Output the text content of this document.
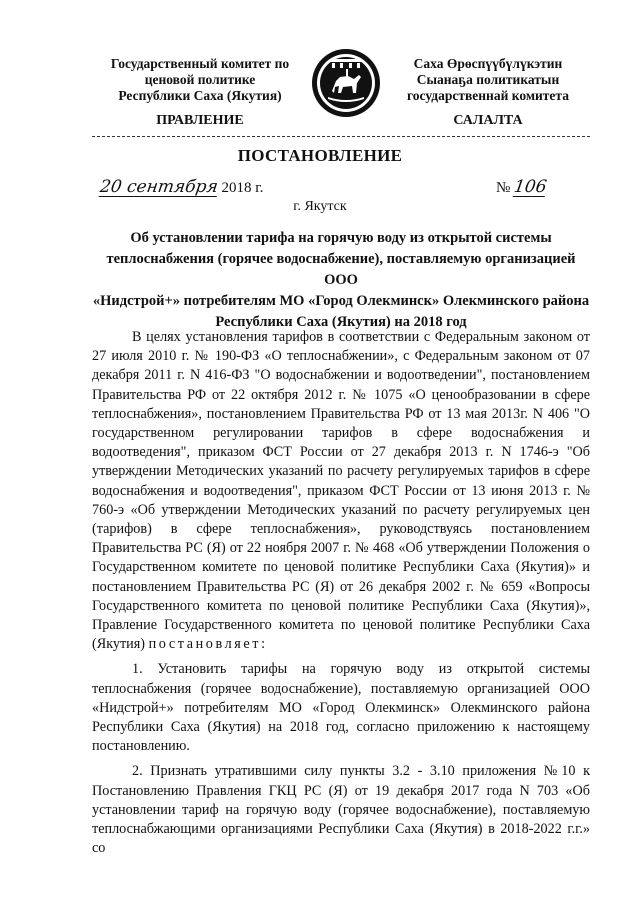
Государственный комитет по
ценовой политике
Республики Саха (Якутия)
Саха Өрөспүүбүлүкэтин
Сыанаҕа политикатын
государственнай комитета
ПРАВЛЕНИЕ	САЛАЛТА
ПОСТАНОВЛЕНИЕ
20 сентября 2018 г.	№ 106
г. Якутск
Об установлении тарифа на горячую воду из открытой системы
теплоснабжения (горячее водоснабжение), поставляемую организацией ООО
«Нидстрой+» потребителям МО «Город Олекминск» Олекминского района
Республики Саха (Якутия) на 2018 год

В целях установления тарифов в соответствии с Федеральным законом от 27 июля 2010 г. № 190-ФЗ «О теплоснабжении», с Федеральным законом от 07 декабря 2011 г. N 416-ФЗ "О водоснабжении и водоотведении", постановлением Правительства РФ от 22 октября 2012 г. № 1075 «О ценообразовании в сфере теплоснабжения», постановлением Правительства РФ от 13 мая 2013г. N 406 "О государственном регулировании тарифов в сфере водоснабжения и водоотведения", приказом ФСТ России от 27 декабря 2013 г. N 1746-э "Об утверждении Методических указаний по расчету регулируемых тарифов в сфере водоснабжения и водоотведения", приказом ФСТ России от 13 июня 2013 г. № 760-э «Об утверждении Методических указаний по расчету регулируемых цен (тарифов) в сфере теплоснабжения», руководствуясь постановлением Правительства РС (Я) от 22 ноября 2007 г. № 468 «Об утверждении Положения о Государственном комитете по ценовой политике Республики Саха (Якутия)» и постановлением Правительства РС (Я) от 26 декабря 2002 г. № 659 «Вопросы Государственного комитета по ценовой политике Республики Саха (Якутия)», Правление Государственного комитета по ценовой политике Республики Саха (Якутия) постановляет:

1. Установить тарифы на горячую воду из открытой системы теплоснабжения (горячее водоснабжение), поставляемую организацией ООО «Нидстрой+» потребителям МО «Город Олекминск» Олекминского района Республики Саха (Якутия) на 2018 год, согласно приложению к настоящему постановлению.

2. Признать утратившими силу пункты 3.2 - 3.10 приложения №10 к Постановлению Правления ГКЦ РС (Я) от 19 декабря 2017 года N 703 «Об установлении тариф на горячую воду (горячее водоснабжение), поставляемую теплоснабжающими организациями Республики Саха (Якутия) в 2018-2022 г.г.» со
